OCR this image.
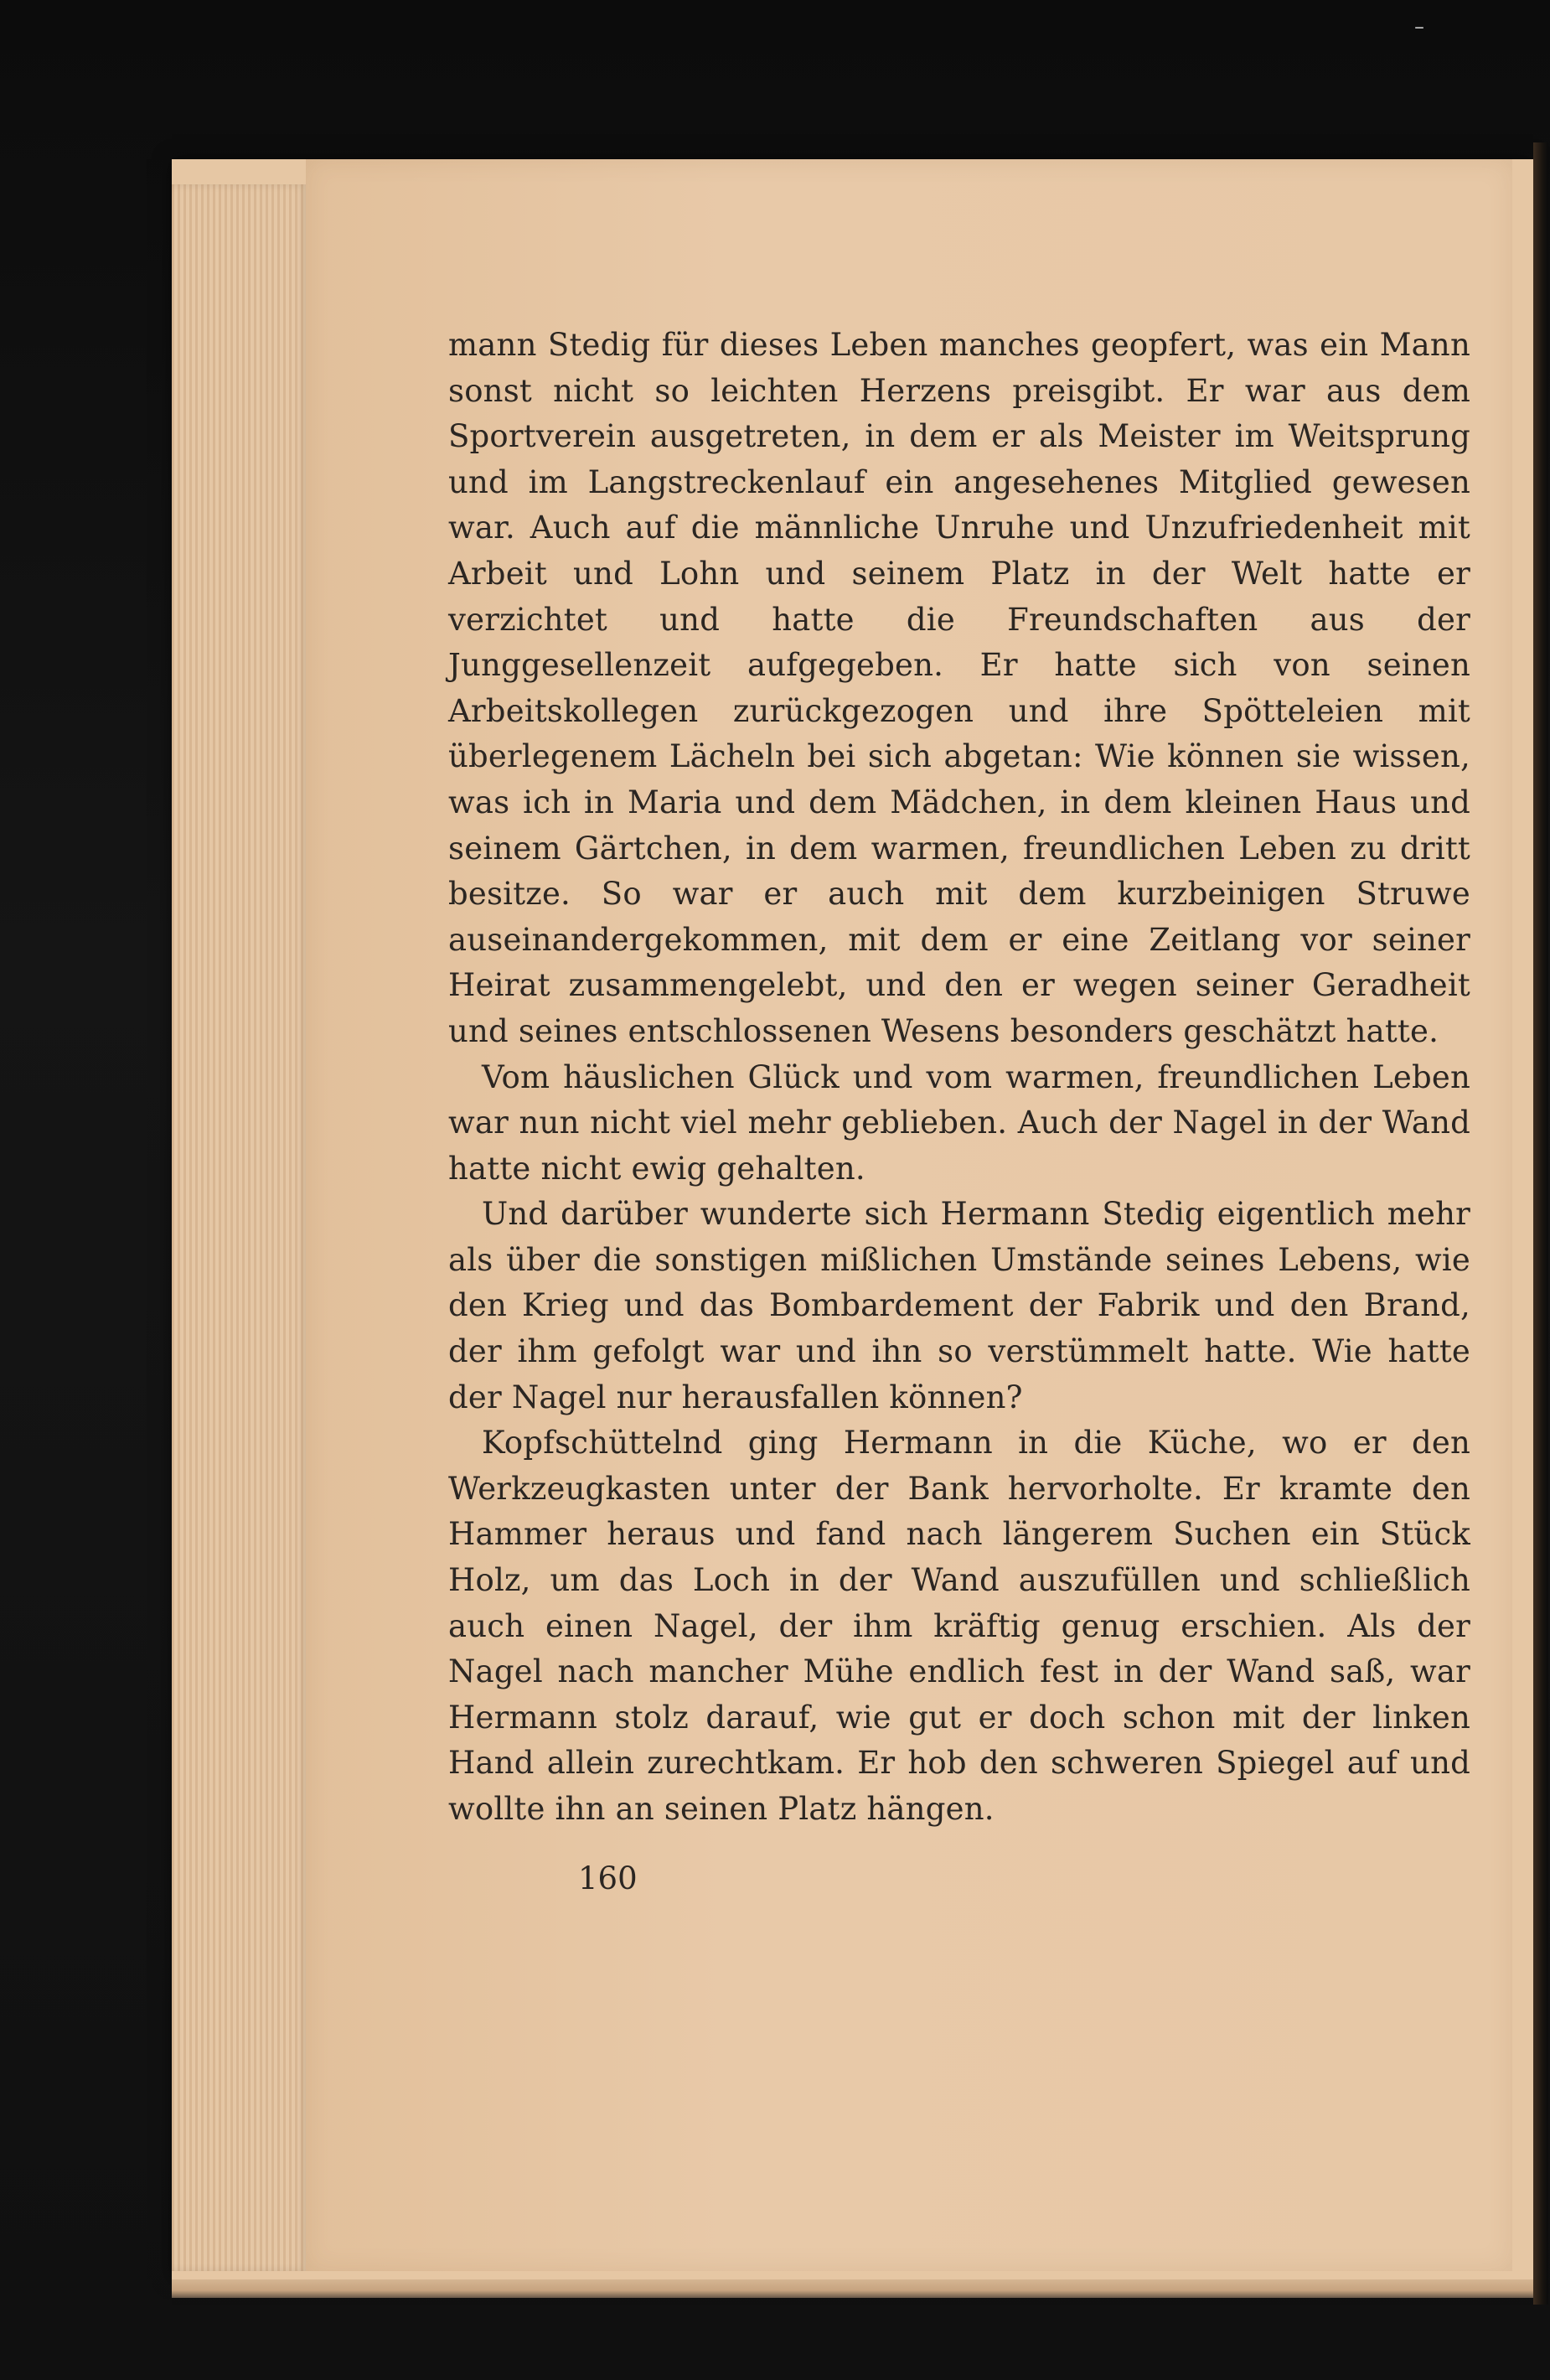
–

mann Stedig für dieses Leben manches geopfert, was ein Mann sonst nicht so leichten Herzens preisgibt. Er war aus dem Sportverein ausgetreten, in dem er als Meister im Weitsprung und im Langstreckenlauf ein angesehenes Mitglied gewesen war. Auch auf die männliche Unruhe und Unzufriedenheit mit Arbeit und Lohn und seinem Platz in der Welt hatte er verzichtet und hatte die Freundschaften aus der Junggesellenzeit aufgegeben. Er hatte sich von seinen Arbeitskollegen zurückgezogen und ihre Spötteleien mit überlegenem Lächeln bei sich abgetan: Wie können sie wissen, was ich in Maria und dem Mädchen, in dem kleinen Haus und seinem Gärtchen, in dem warmen, freundlichen Leben zu dritt besitze. So war er auch mit dem kurzbeinigen Struwe auseinandergekommen, mit dem er eine Zeitlang vor seiner Heirat zusammengelebt, und den er wegen seiner Geradheit und seines entschlossenen Wesens besonders geschätzt hatte.

Vom häuslichen Glück und vom warmen, freundlichen Leben war nun nicht viel mehr geblieben. Auch der Nagel in der Wand hatte nicht ewig gehalten.

Und darüber wunderte sich Hermann Stedig eigentlich mehr als über die sonstigen mißlichen Umstände seines Lebens, wie den Krieg und das Bombardement der Fabrik und den Brand, der ihm gefolgt war und ihn so verstümmelt hatte. Wie hatte der Nagel nur herausfallen können?

Kopfschüttelnd ging Hermann in die Küche, wo er den Werkzeugkasten unter der Bank hervorholte. Er kramte den Hammer heraus und fand nach längerem Suchen ein Stück Holz, um das Loch in der Wand auszufüllen und schließlich auch einen Nagel, der ihm kräftig genug erschien. Als der Nagel nach mancher Mühe endlich fest in der Wand saß, war Hermann stolz darauf, wie gut er doch schon mit der linken Hand allein zurechtkam. Er hob den schweren Spiegel auf und wollte ihn an seinen Platz hängen.

160
